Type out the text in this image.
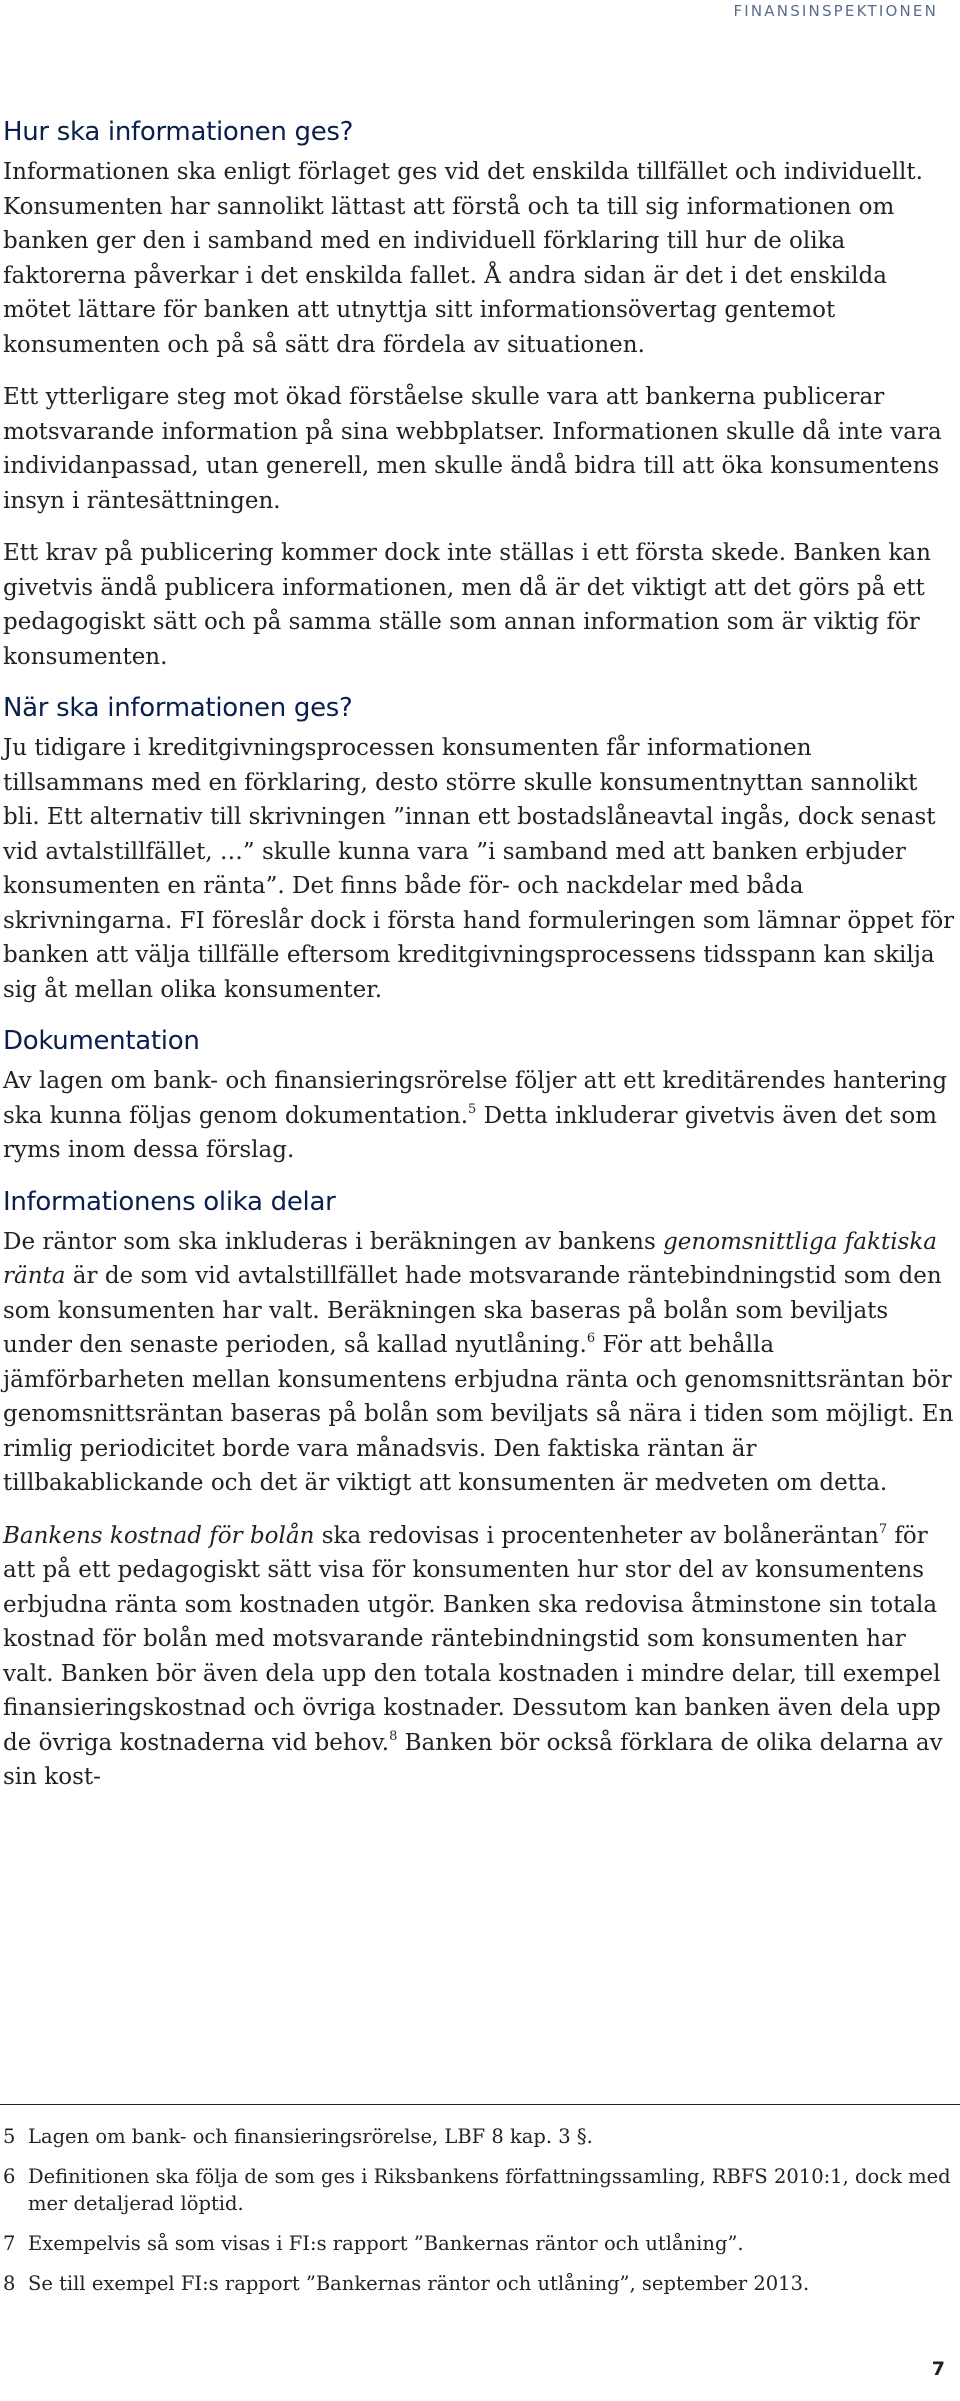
FINANSINSPEKTIONEN
Hur ska informationen ges?

Informationen ska enligt förlaget ges vid det enskilda tillfället och individuellt. Konsumenten har sannolikt lättast att förstå och ta till sig informationen om banken ger den i samband med en individuell förklaring till hur de olika faktorerna påverkar i det enskilda fallet. Å andra sidan är det i det enskilda mötet lättare för banken att utnyttja sitt informationsövertag gentemot konsumenten och på så sätt dra fördela av situationen.

Ett ytterligare steg mot ökad förståelse skulle vara att bankerna publicerar motsvarande information på sina webbplatser. Informationen skulle då inte vara individanpassad, utan generell, men skulle ändå bidra till att öka konsumentens insyn i räntesättningen.

Ett krav på publicering kommer dock inte ställas i ett första skede. Banken kan givetvis ändå publicera informationen, men då är det viktigt att det görs på ett pedagogiskt sätt och på samma ställe som annan information som är viktig för konsumenten.

När ska informationen ges?

Ju tidigare i kreditgivningsprocessen konsumenten får informationen tillsammans med en förklaring, desto större skulle konsumentnyttan sannolikt bli. Ett alternativ till skrivningen ”innan ett bostadslåneavtal ingås, dock senast vid avtalstillfället, …” skulle kunna vara ”i samband med att banken erbjuder konsumenten en ränta”. Det finns både för- och nackdelar med båda skrivningarna. FI föreslår dock i första hand formuleringen som lämnar öppet för banken att välja tillfälle eftersom kreditgivningsprocessens tidsspann kan skilja sig åt mellan olika konsumenter.

Dokumentation

Av lagen om bank- och finansieringsrörelse följer att ett kreditärendes hantering ska kunna följas genom dokumentation.$^5$ Detta inkluderar givetvis även det som ryms inom dessa förslag.

Informationens olika delar

De räntor som ska inkluderas i beräkningen av bankens genomsnittliga faktiska ränta är de som vid avtalstillfället hade motsvarande räntebindningstid som den som konsumenten har valt. Beräkningen ska baseras på bolån som beviljats under den senaste perioden, så kallad nyutlåning.$^6$ För att behålla jämförbarheten mellan konsumentens erbjudna ränta och genomsnittsräntan bör genomsnittsräntan baseras på bolån som beviljats så nära i tiden som möjligt. En rimlig periodicitet borde vara månadsvis. Den faktiska räntan är tillbakablickande och det är viktigt att konsumenten är medveten om detta.

Bankens kostnad för bolån ska redovisas i procentenheter av bolåneräntan$^7$ för att på ett pedagogiskt sätt visa för konsumenten hur stor del av konsumentens erbjudna ränta som kostnaden utgör. Banken ska redovisa åtminstone sin totala kostnad för bolån med motsvarande räntebindningstid som konsumenten har valt. Banken bör även dela upp den totala kostnaden i mindre delar, till exempel finansieringskostnad och övriga kostnader. Dessutom kan banken även dela upp de övriga kostnaderna vid behov.$^8$ Banken bör också förklara de olika delarna av sin kost-

5 Lagen om bank- och finansieringsrörelse, LBF 8 kap. 3 §.
6 Definitionen ska följa de som ges i Riksbankens författningssamling, RBFS 2010:1, dock med mer detaljerad löptid.
7 Exempelvis så som visas i FI:s rapport ”Bankernas räntor och utlåning”.
8 Se till exempel FI:s rapport ”Bankernas räntor och utlåning”, september 2013.
7
